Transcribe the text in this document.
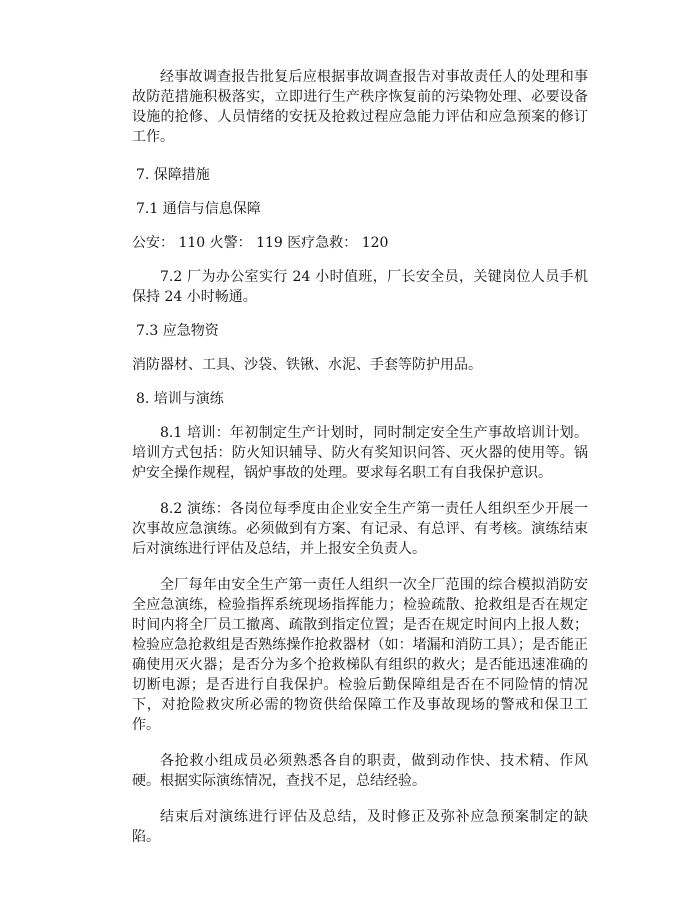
经事故调查报告批复后应根据事故调查报告对事故责任人的处理和事故防范措施积极落实，立即进行生产秩序恢复前的污染物处理、必要设备设施的抢修、人员情绪的安抚及抢救过程应急能力评估和应急预案的修订工作。

7. 保障措施

7.1 通信与信息保障

公安： 110 火警： 119 医疗急救： 120

7.2 厂为办公室实行 24 小时值班，厂长安全员，关键岗位人员手机保持 24 小时畅通。

7.3 应急物资

消防器材、工具、沙袋、铁锹、水泥、手套等防护用品。

8. 培训与演练

8.1 培训：年初制定生产计划时，同时制定安全生产事故培训计划。培训方式包括：防火知识辅导、防火有奖知识问答、灭火器的使用等。锅炉安全操作规程，锅炉事故的处理。要求每名职工有自我保护意识。

8.2 演练：各岗位每季度由企业安全生产第一责任人组织至少开展一次事故应急演练。必须做到有方案、有记录、有总评、有考核。演练结束后对演练进行评估及总结，并上报安全负责人。

全厂每年由安全生产第一责任人组织一次全厂范围的综合模拟消防安全应急演练，检验指挥系统现场指挥能力；检验疏散、抢救组是否在规定时间内将全厂员工撤离、疏散到指定位置；是否在规定时间内上报人数；检验应急抢救组是否熟练操作抢救器材（如：堵漏和消防工具）；是否能正确使用灭火器；是否分为多个抢救梯队有组织的救火；是否能迅速准确的切断电源；是否进行自我保护。检验后勤保障组是否在不同险情的情况下，对抢险救灾所必需的物资供给保障工作及事故现场的警戒和保卫工作。

各抢救小组成员必须熟悉各自的职责，做到动作快、技术精、作风硬。根据实际演练情况，查找不足，总结经验。

结束后对演练进行评估及总结，及时修正及弥补应急预案制定的缺陷。
